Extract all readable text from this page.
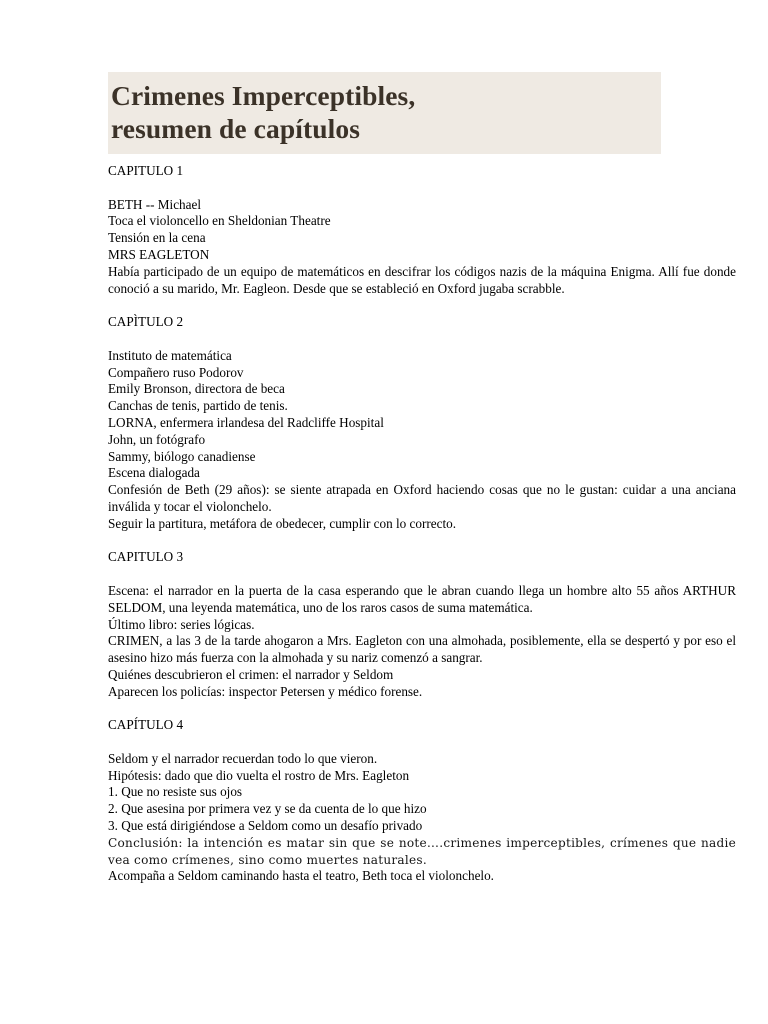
Crimenes Imperceptibles,
resumen de capítulos
CAPITULO 1
BETH -- Michael
Toca el violoncello en Sheldonian Theatre
Tensión en la cena
MRS EAGLETON
Había participado de un equipo de matemáticos en descifrar los códigos nazis de la máquina Enigma. Allí fue donde conoció a su marido, Mr. Eagleon. Desde que se estableció en Oxford jugaba scrabble.
CAPÌTULO 2
Instituto de matemática
Compañero ruso Podorov
Emily Bronson, directora de beca
Canchas de tenis, partido de tenis.
LORNA, enfermera irlandesa del Radcliffe Hospital
John, un fotógrafo
Sammy, biólogo canadiense
Escena dialogada
Confesión de Beth (29 años): se siente atrapada en Oxford haciendo cosas que no le gustan: cuidar a una anciana inválida y tocar el violonchelo.
Seguir la partitura, metáfora de obedecer, cumplir con lo correcto.
CAPITULO 3
Escena: el narrador en la puerta de la casa esperando que le abran cuando llega un hombre alto 55 años ARTHUR SELDOM, una leyenda matemática, uno de los raros casos de suma matemática.
Último libro: series lógicas.
CRIMEN, a las 3 de la tarde ahogaron a Mrs. Eagleton con una almohada, posiblemente, ella se despertó y por eso el asesino hizo más fuerza con la almohada y su nariz comenzó a sangrar.
Quiénes descubrieron el crimen: el narrador y Seldom
Aparecen los policías: inspector Petersen y médico forense.
CAPÍTULO 4
Seldom y el narrador recuerdan todo lo que vieron.
Hipótesis: dado que dio vuelta el rostro de Mrs. Eagleton
1. Que no resiste sus ojos
2. Que asesina por primera vez y se da cuenta de lo que hizo
3. Que está dirigiéndose a Seldom como un desafío privado
Conclusión: la intención es matar sin que se note….crimenes imperceptibles, crímenes que nadie vea como crímenes, sino como muertes naturales.
Acompaña a Seldom caminando hasta el teatro, Beth toca el violonchelo.
